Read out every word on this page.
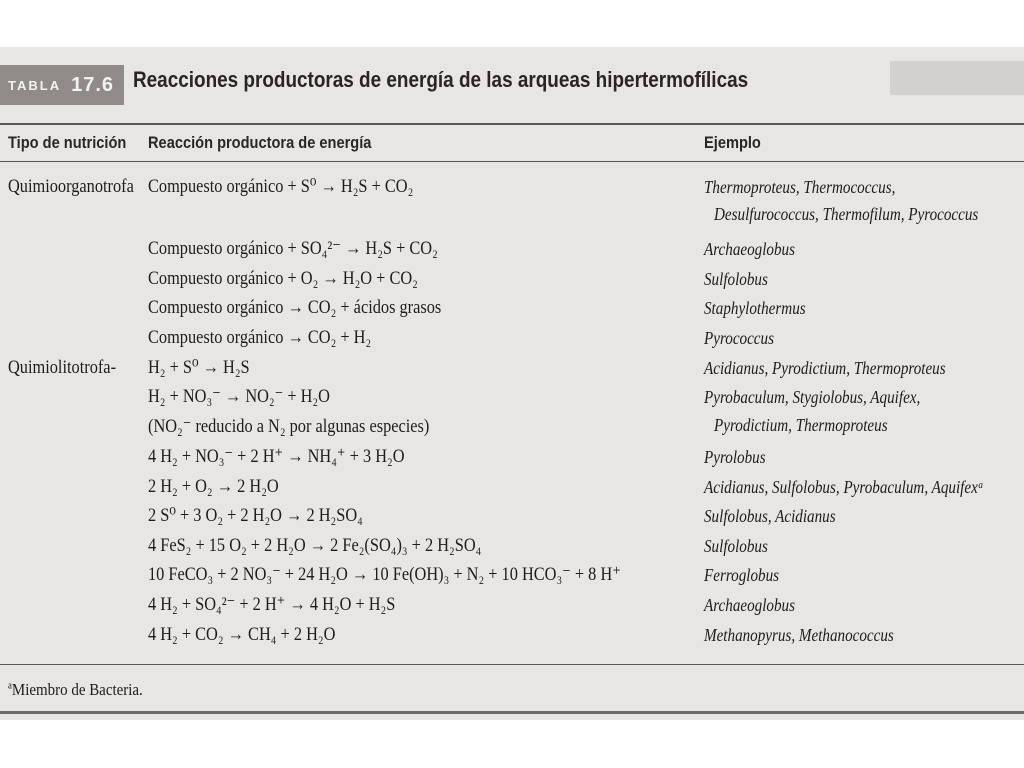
TABLA 17.6 Reacciones productoras de energía de las arqueas hipertermofílicas
Tipo de nutrición Reacción productora de energía	Ejemplo
Quimioorganotrofa Compuesto orgánico + S⁰ → H₂S + CO₂	Thermoproteus, Thermococcus,
Desulfurococcus, Thermofilum, Pyrococcus
Compuesto orgánico + SO₄²⁻ → H₂S + CO₂	Archaeoglobus
Compuesto orgánico + O₂ → H₂O + CO₂	Sulfolobus
Compuesto orgánico → CO₂ + ácidos grasos	Staphylothermus
Compuesto orgánico → CO₂ + H₂	Pyrococcus
Quimiolitotrofa- H₂ + S⁰ → H₂S	Acidianus, Pyrodictium, Thermoproteus
H₂ + NO₃⁻ → NO₂⁻ + H₂O	Pyrobaculum, Stygiolobus, Aquifex,
(NO₂⁻ reducido a N₂ por algunas especies)	Pyrodictium, Thermoproteus
4 H₂ + NO₃⁻ + 2 H⁺ → NH₄⁺ + 3 H₂O	Pyrolobus
2 H₂ + O₂ → 2 H₂O	Acidianus, Sulfolobus, Pyrobaculum, Aquifexᵃ
2 S⁰ + 3 O₂ + 2 H₂O → 2 H₂SO₄	Sulfolobus, Acidianus
4 FeS₂ + 15 O₂ + 2 H₂O → 2 Fe₂(SO₄)₃ + 2 H₂SO₄	Sulfolobus
10 FeCO₃ + 2 NO₃⁻ + 24 H₂O → 10 Fe(OH)₃ + N₂ + 10 HCO₃⁻ + 8 H⁺	Ferroglobus
4 H₂ + SO₄²⁻ + 2 H⁺ → 4 H₂O + H₂S	Archaeoglobus
4 H₂ + CO₂ → CH₄ + 2 H₂O	Methanopyrus, Methanococcus
$^a$Miembro de Bacteria.
